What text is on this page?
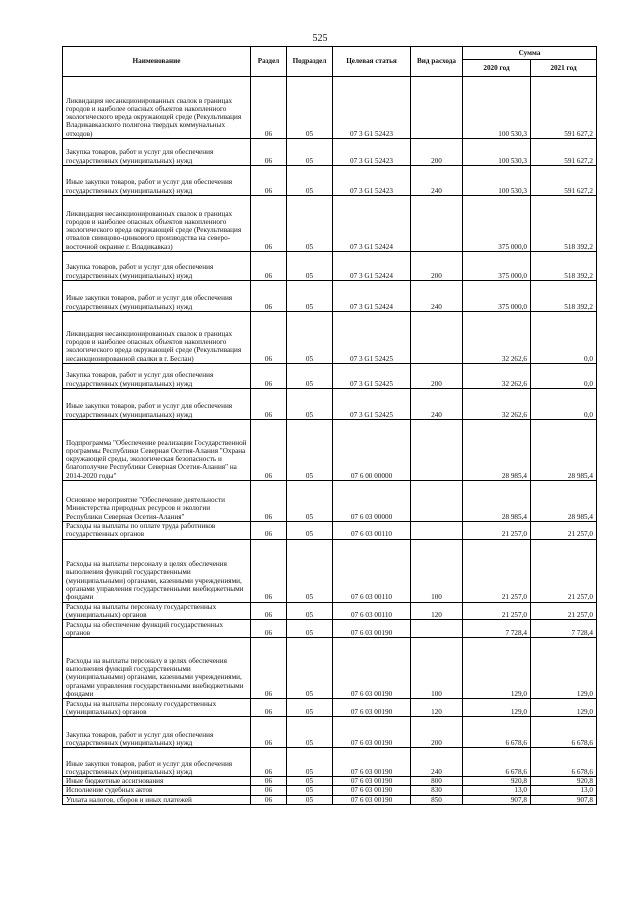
525
Наименование	Раздел	Подраздел	Целевая статья	Вид расхода	Сумма	
					2020 год	2021 год
Ликвидация несанкционированных свалок в границах городов и наиболее опасных объектов накопленного экологического вреда окружающей среде (Рекультивация Владикавказского полигона твердых коммунальных отходов)	06	05	07 3 G1 52423		100 530,3	591 627,2
Закупка товаров, работ и услуг для обеспечения государственных (муниципальных) нужд	06	05	07 3 G1 52423	200	100 530,3	591 627,2
Иные закупки товаров, работ и услуг для обеспечения государственных (муниципальных) нужд	06	05	07 3 G1 52423	240	100 530,3	591 627,2
Ликвидация несанкционированных свалок в границах городов и наиболее опасных объектов накопленного экологического вреда окружающей среде (Рекультивация отвалов свинцово-цинкового производства на северо-восточной окраине г. Владикавказ)	06	05	07 3 G1 52424		375 000,0	518 392,2
Закупка товаров, работ и услуг для обеспечения государственных (муниципальных) нужд	06	05	07 3 G1 52424	200	375 000,0	518 392,2
Иные закупки товаров, работ и услуг для обеспечения государственных (муниципальных) нужд	06	05	07 3 G1 52424	240	375 000,0	518 392,2
Ликвидация несанкционированных свалок в границах городов и наиболее опасных объектов накопленного экологического вреда окружающей среде (Рекультивация несанкционированной свалки в г. Беслан)	06	05	07 3 G1 52425		32 262,6	0,0
Закупка товаров, работ и услуг для обеспечения государственных (муниципальных) нужд	06	05	07 3 G1 52425	200	32 262,6	0,0
Иные закупки товаров, работ и услуг для обеспечения государственных (муниципальных) нужд	06	05	07 3 G1 52425	240	32 262,6	0,0
Подпрограмма "Обеспечение реализации Государственной программы Республики Северная Осетия-Алания "Охрана окружающей среды, экологическая безопасность и благополучие Республики Северная Осетия-Алания" на 2014-2020 годы"	06	05	07 6 00 00000		28 985,4	28 985,4
Основное мероприятие "Обеспечение деятельности Министерства природных ресурсов и экологии Республики Северная Осетия-Алания"	06	05	07 6 03 00000		28 985,4	28 985,4
Расходы на выплаты по оплате труда работников государственных органов	06	05	07 6 03 00110		21 257,0	21 257,0
Расходы на выплаты персоналу в целях обеспечения выполнения функций государственными (муниципальными) органами, казенными учреждениями, органами управления государственными внебюджетными фондами	06	05	07 6 03 00110	100	21 257,0	21 257,0
Расходы на выплаты персоналу государственных (муниципальных) органов	06	05	07 6 03 00110	120	21 257,0	21 257,0
Расходы на обеспечение функций государственных органов	06	05	07 6 03 00190		7 728,4	7 728,4
Расходы на выплаты персоналу в целях обеспечения выполнения функций государственными (муниципальными) органами, казенными учреждениями, органами управления государственными внебюджетными фондами	06	05	07 6 03 00190	100	129,0	129,0
Расходы на выплаты персоналу государственных (муниципальных) органов	06	05	07 6 03 00190	120	129,0	129,0
Закупка товаров, работ и услуг для обеспечения государственных (муниципальных) нужд	06	05	07 6 03 00190	200	6 678,6	6 678,6
Иные закупки товаров, работ и услуг для обеспечения государственных (муниципальных) нужд	06	05	07 6 03 00190	240	6 678,6	6 678,6
Иные бюджетные ассигнования	06	05	07 6 03 00190	800	920,8	920,8
Исполнение судебных актов	06	05	07 6 03 00190	830	13,0	13,0
Уплата налогов, сборов и иных платежей	06	05	07 6 03 00190	850	907,8	907,8
